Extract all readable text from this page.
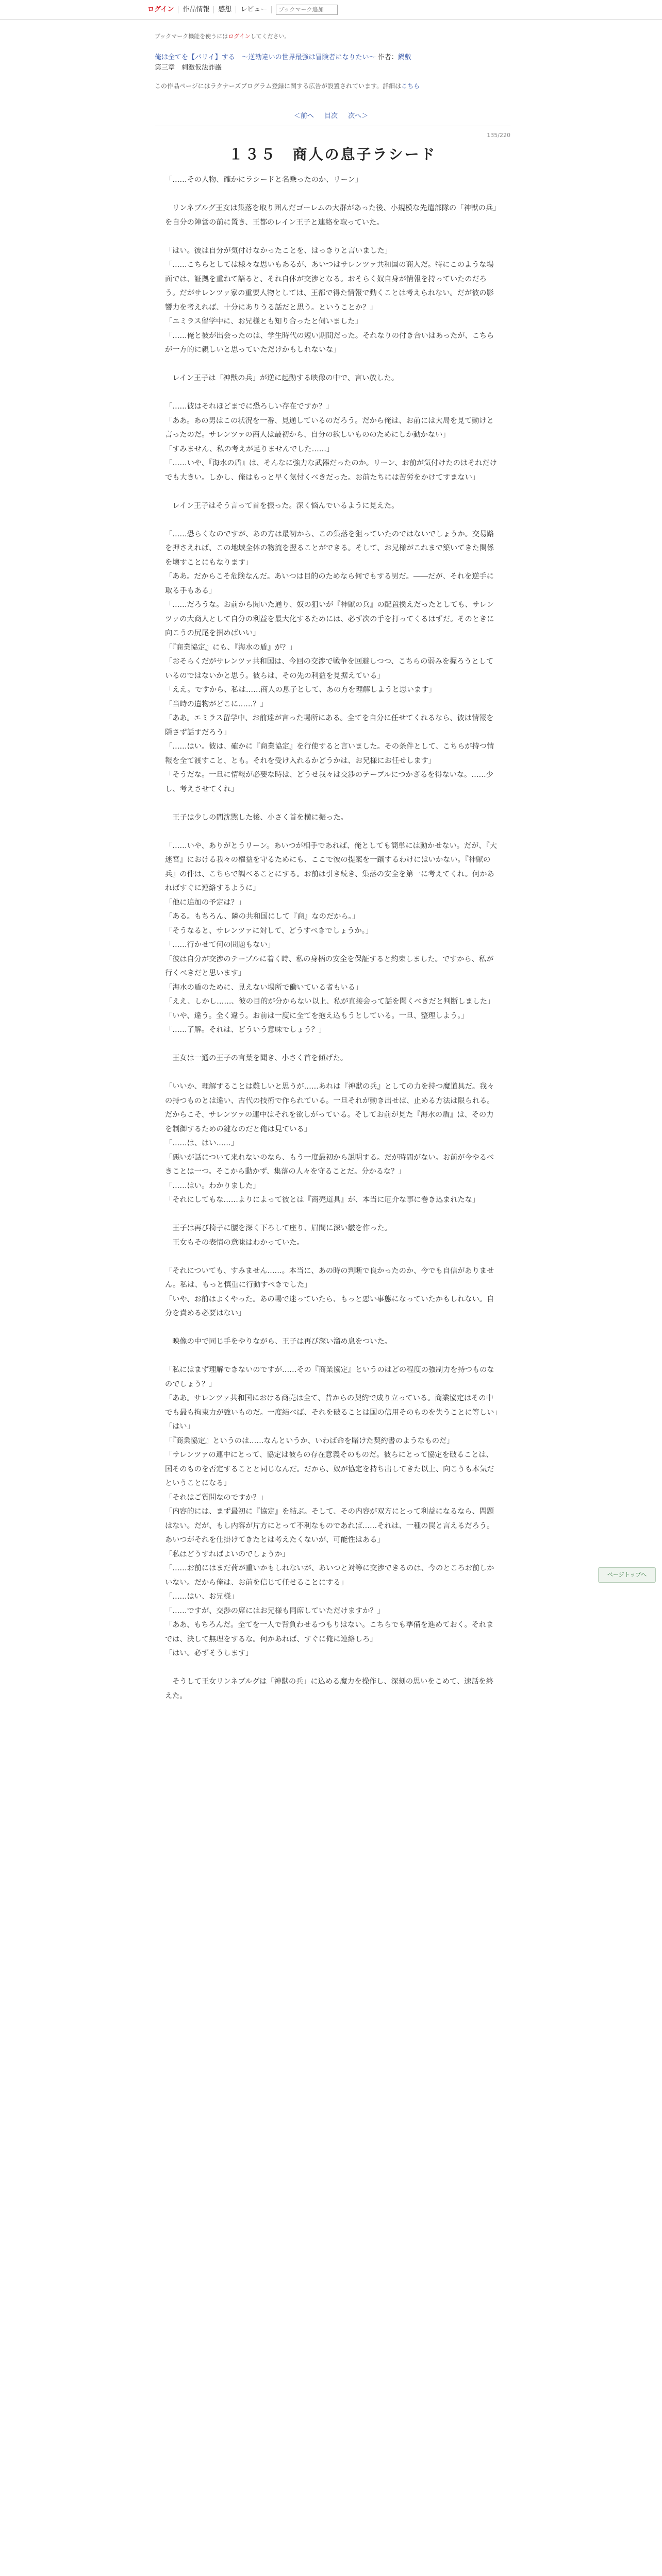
ログイン	作品情報	感想	レビュー
ブックマーク追加
ブックマーク機能を使うにはログインしてください。
俺は全てを【パリイ】する　～逆勘違いの世界最強は冒険者になりたい～ 作者：鍋敷
第三章　刺激仮法詐巌
この作品ページにはラクナーズプログラム登録に関する広告が設置されています。詳細はこちら
＜前へ 目次 次へ＞
135/220
１３５　商人の息子ラシード

「……その人物、確かにラシードと名乗ったのか、リーン」

　リンネブルグ王女は集落を取り囲んだゴーレムの大群があった後、小規模な先遣部隊の「神獣の兵」を自分の陣営の前に置き、王都のレイン王子と連絡を取っていた。

「はい。彼は自分が気付けなかったことを、はっきりと言いました」

「……こちらとしては様々な思いもあるが、あいつはサレンツァ共和国の商人だ。特にこのような場面では、証拠を重ねて語ると、それ自体が交渉となる。おそらく奴自身が情報を持っていたのだろう。だがサレンツァ家の重要人物としては、王都で得た情報で動くことは考えられない。だが彼の影響力を考えれば、十分にありうる話だと思う。ということか？」

「エミラス留学中に、お兄様とも知り合ったと伺いました」

「……俺と彼が出会ったのは、学生時代の短い期間だった。それなりの付き合いはあったが、こちらが一方的に親しいと思っていただけかもしれないな」

　レイン王子は「神獣の兵」が逆に起動する映像の中で、言い放した。

「……彼はそれほどまでに恐ろしい存在ですか？」

「ああ。あの男はこの状況を一番、見通しているのだろう。だから俺は、お前には大局を見て動けと言ったのだ。サレンツァの商人は最初から、自分の欲しいもののためにしか動かない」

「すみません、私の考えが足りませんでした……」

「……いや、『海水の盾』は、そんなに強力な武器だったのか。リーン、お前が気付けたのはそれだけでも大きい。しかし、俺はもっと早く気付くべきだった。お前たちには苦労をかけてすまない」

　レイン王子はそう言って首を振った。深く悩んでいるように見えた。

「……恐らくなのですが、あの方は最初から、この集落を狙っていたのではないでしょうか。交易路を押さえれば、この地域全体の物流を握ることができる。そして、お兄様がこれまで築いてきた関係を壊すことにもなります」

「ああ。だからこそ危険なんだ。あいつは目的のためなら何でもする男だ。――だが、それを逆手に取る手もある」

「……だろうな。お前から聞いた通り、奴の狙いが『神獣の兵』の配置換えだったとしても、サレンツァの大商人として自分の利益を最大化するためには、必ず次の手を打ってくるはずだ。そのときに向こうの尻尾を掴めばいい」

「『商業協定』にも、『海水の盾』が？」

「おそらくだがサレンツァ共和国は、今回の交渉で戦争を回避しつつ、こちらの弱みを握ろうとしているのではないかと思う。彼らは、その先の利益を見据えている」

「ええ。ですから、私は……商人の息子として、あの方を理解しようと思います」

「当時の遺物がどこに……？」

「ああ。エミラス留学中、お前達が言った場所にある。全てを自分に任せてくれるなら、彼は情報を隠さず話すだろう」

「……はい。彼は、確かに『商業協定』を行使すると言いました。その条件として、こちらが持つ情報を全て渡すこと、とも。それを受け入れるかどうかは、お兄様にお任せします」

「そうだな。一旦に情報が必要な時は、どうせ我々は交渉のテーブルにつかざるを得ないな。……少し、考えさせてくれ」

　王子は少しの間沈黙した後、小さく首を横に振った。

「……いや、ありがとうリーン。あいつが相手であれば、俺としても簡単には動かせない。だが、『大迷宮』における我々の権益を守るためにも、ここで彼の提案を一蹴するわけにはいかない。『神獣の兵』の件は、こちらで調べることにする。お前は引き続き、集落の安全を第一に考えてくれ。何かあればすぐに連絡するように」

「他に追加の予定は？」

「ある。もちろん、隣の共和国にして『商』なのだから。」

「そうなると、サレンツァに対して、どうすべきでしょうか。」

「……行かせて何の問題もない」

「彼は自分が交渉のテーブルに着く時、私の身柄の安全を保証すると約束しました。ですから、私が行くべきだと思います」

「海水の盾のために、見えない場所で働いている者もいる」

「ええ、しかし……、彼の目的が分からない以上、私が直接会って話を聞くべきだと判断しました」

「いや、違う。全く違う。お前は一度に全てを抱え込もうとしている。一旦、整理しよう。」

「……了解。それは、どういう意味でしょう？」

　王女は一通の王子の言葉を聞き、小さく首を傾げた。

「いいか、理解することは難しいと思うが……あれは『神獣の兵』としての力を持つ魔道具だ。我々の持つものとは違い、古代の技術で作られている。一旦それが動き出せば、止める方法は限られる。だからこそ、サレンツァの連中はそれを欲しがっている。そしてお前が見た『海水の盾』は、その力を制御するための鍵なのだと俺は見ている」

「……は、はい……」

「悪いが話について来れないのなら、もう一度最初から説明する。だが時間がない。お前が今やるべきことは一つ。そこから動かず、集落の人々を守ることだ。分かるな？」

「……はい。わかりました」

「それにしてもな……よりによって彼とは『商売道具』が、本当に厄介な事に巻き込まれたな」

　王子は再び椅子に腰を深く下ろして座り、眉間に深い皺を作った。

　王女もその表情の意味はわかっていた。

「それについても、すみません……。本当に、あの時の判断で良かったのか、今でも自信がありません。私は、もっと慎重に行動すべきでした」

「いや、お前はよくやった。あの場で迷っていたら、もっと悪い事態になっていたかもしれない。自分を責める必要はない」

　映像の中で同じ手をやりながら、王子は再び深い溜め息をついた。

「私にはまず理解できないのですが……その『商業協定』というのはどの程度の強制力を持つものなのでしょう？」

「ああ。サレンツァ共和国における商売は全て、昔からの契約で成り立っている。商業協定はその中でも最も拘束力が強いものだ。一度結べば、それを破ることは国の信用そのものを失うことに等しい」

「はい」

「『商業協定』というのは……なんというか、いわば命を賭けた契約書のようなものだ」

「サレンツァの連中にとって、協定は彼らの存在意義そのものだ。彼らにとって協定を破ることは、国そのものを否定することと同じなんだ。だから、奴が協定を持ち出してきた以上、向こうも本気だということになる」

「それはご質問なのですか？」

「内容的には、まず最初に『協定』を結ぶ。そして、その内容が双方にとって利益になるなら、問題はない。だが、もし内容が片方にとって不利なものであれば……それは、一種の罠と言えるだろう。あいつがそれを仕掛けてきたとは考えたくないが、可能性はある」

「私はどうすればよいのでしょうか」

「……お前にはまだ荷が重いかもしれないが、あいつと対等に交渉できるのは、今のところお前しかいない。だから俺は、お前を信じて任せることにする」

「……はい、お兄様」

「……ですが、交渉の席にはお兄様も同席していただけますか？」

「ああ、もちろんだ。全てを一人で背負わせるつもりはない。こちらでも準備を進めておく。それまでは、決して無理をするな。何かあれば、すぐに俺に連絡しろ」

「はい。必ずそうします」

　そうして王女リンネブルグは「神獣の兵」に込める魔力を操作し、深刻の思いをこめて、速話を終えた。

ページトップへ
